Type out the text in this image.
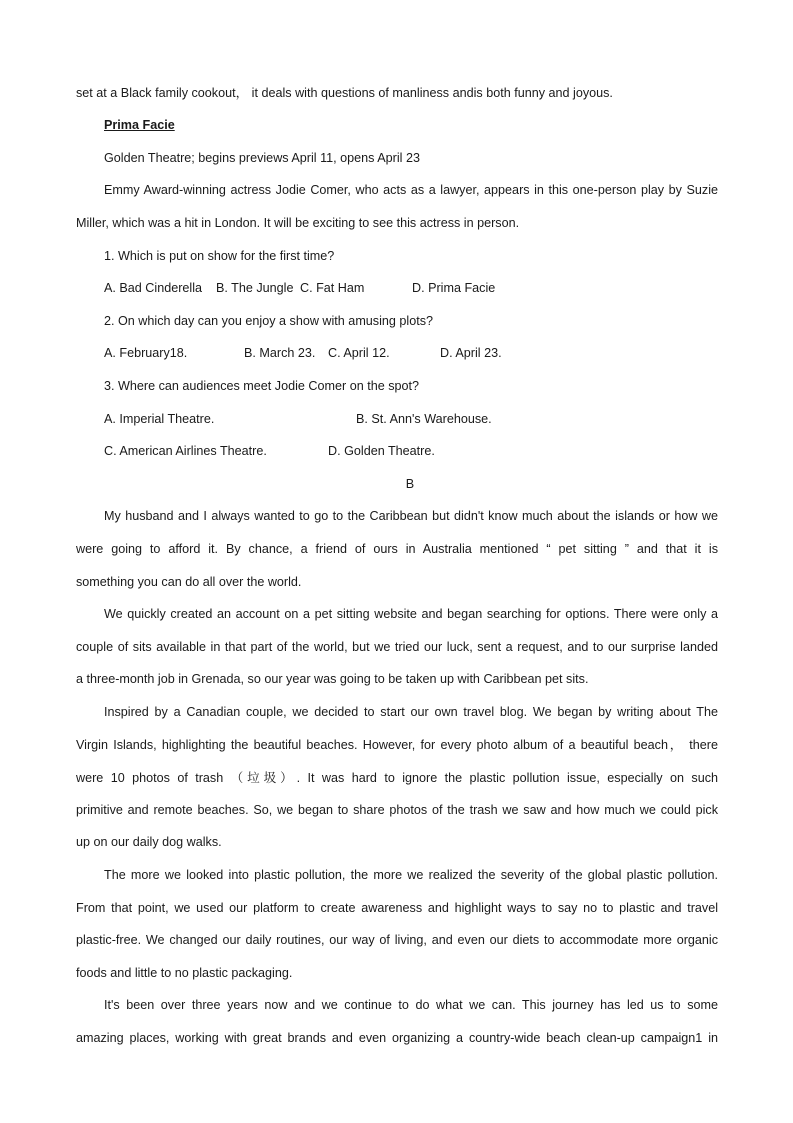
set at a Black family cookout， it deals with questions of manliness andis both funny and joyous.
Prima Facie
Golden Theatre; begins previews April 11, opens April 23
Emmy Award-winning actress Jodie Comer, who acts as a lawyer, appears in this one-person play by Suzie
Miller, which was a hit in London. It will be exciting to see this actress in person.
1. Which is put on show for the first time?
A. Bad Cinderella B. The Jungle C. Fat Ham	D. Prima Facie
2. On which day can you enjoy a show with amusing plots?
A. February18.	B. March 23. C. April 12.	D. April 23.
3. Where can audiences meet Jodie Comer on the spot?
A. Imperial Theatre.	B. St. Ann's Warehouse.
C. American Airlines Theatre.	D. Golden Theatre.
B
My husband and I always wanted to go to the Caribbean but didn't know much about the islands or how we
were going to afford it. By chance, a friend of ours in Australia mentioned “ pet sitting ” and that it is
something you can do all over the world.
We quickly created an account on a pet sitting website and began searching for options. There were only a
couple of sits available in that part of the world, but we tried our luck, sent a request, and to our surprise landed
a three-month job in Grenada, so our year was going to be taken up with Caribbean pet sits.
Inspired by a Canadian couple, we decided to start our own travel blog. We began by writing about The
Virgin Islands, highlighting the beautiful beaches. However, for every photo album of a beautiful beach， there
were 10 photos of trash （垃圾）. It was hard to ignore the plastic pollution issue, especially on such
primitive and remote beaches. So, we began to share photos of the trash we saw and how much we could pick
up on our daily dog walks.
The more we looked into plastic pollution, the more we realized the severity of the global plastic pollution.
From that point, we used our platform to create awareness and highlight ways to say no to plastic and travel
plastic-free. We changed our daily routines, our way of living, and even our diets to accommodate more organic
foods and little to no plastic packaging.
It's been over three years now and we continue to do what we can. This journey has led us to some
amazing places, working with great brands and even organizing a country-wide beach clean-up campaign1 in
